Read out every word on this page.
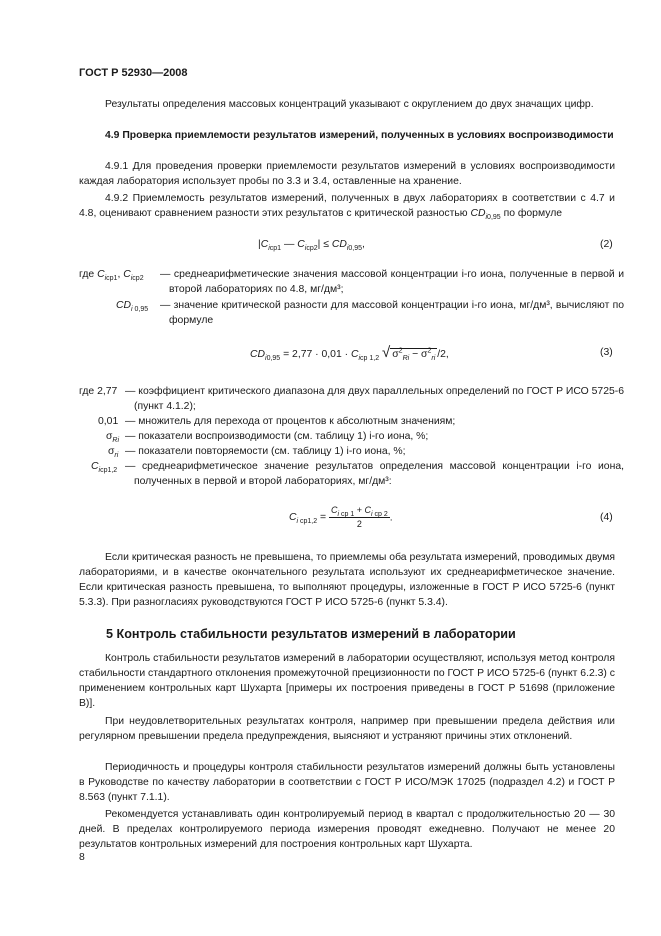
ГОСТ Р 52930—2008

Результаты определения массовых концентраций указывают с округлением до двух значащих цифр.

4.9 Проверка приемлемости результатов измерений, полученных в условиях воспроизводимости

4.9.1 Для проведения проверки приемлемости результатов измерений в условиях воспроизводимости каждая лаборатория использует пробы по 3.3 и 3.4, оставленные на хранение.

4.9.2 Приемлемость результатов измерений, полученных в двух лабораториях в соответствии с 4.7 и 4.8, оценивают сравнением разности этих результатов с критической разностью $CD_{i0,95}$ по формуле

$|C_{iср1}$ — $C_{iср2}| \le CD_{i0,95}$,	(2)
где $C_{iср1}$, $C_{iср2}$ — среднеарифметические значения массовой концентрации i-го иона, полученные в первой и второй лабораториях по 4.8, мг/дм³;

$CD_{i 0,95}$ — значение критической разности для массовой концентрации i-го иона, мг/дм³, вычисляют по формуле

$CD_{i0,95} = 2,77 \cdot 0,01 \cdot C_{iср 1,2}$ √ $\sigma^2_{Ri} - \sigma^2_{ri}$ /2,	(3)
где 2,77 — коэффициент критического диапазона для двух параллельных определений по ГОСТ Р ИСО 5725-6 (пункт 4.1.2);

0,01 — множитель для перехода от процентов к абсолютным значениям;

$\sigma_{Ri}$ — показатели воспроизводимости (см. таблицу 1) i-го иона, %;

$\sigma_{ri}$ — показатели повторяемости (см. таблицу 1) i-го иона, %;

$C_{iср1,2}$ — среднеарифметическое значение результатов определения массовой концентрации i-го иона, полученных в первой и второй лабораториях, мг/дм³:

$C_{i ср1,2}$ =
$C_{i ср 1} + C_{i ср 2}$
2
.	(4)

Если критическая разность не превышена, то приемлемы оба результата измерений, проводимых двумя лабораториями, и в качестве окончательного результата используют их среднеарифметическое значение. Если критическая разность превышена, то выполняют процедуры, изложенные в ГОСТ Р ИСО 5725-6 (пункт 5.3.3). При разногласиях руководствуются ГОСТ Р ИСО 5725-6 (пункт 5.3.4).

5 Контроль стабильности результатов измерений в лаборатории

Контроль стабильности результатов измерений в лаборатории осуществляют, используя метод контроля стабильности стандартного отклонения промежуточной прецизионности по ГОСТ Р ИСО 5725-6 (пункт 6.2.3) с применением контрольных карт Шухарта [примеры их построения приведены в ГОСТ Р 51698 (приложение В)].

При неудовлетворительных результатах контроля, например при превышении предела действия или регулярном превышении предела предупреждения, выясняют и устраняют причины этих отклонений.

Периодичность и процедуры контроля стабильности результатов измерений должны быть установлены в Руководстве по качеству лаборатории в соответствии с ГОСТ Р ИСО/МЭК 17025 (подраздел 4.2) и ГОСТ Р 8.563 (пункт 7.1.1).

Рекомендуется устанавливать один контролируемый период в квартал с продолжительностью 20 — 30 дней. В пределах контролируемого периода измерения проводят ежедневно. Получают не менее 20 результатов контрольных измерений для построения контрольных карт Шухарта.

8
